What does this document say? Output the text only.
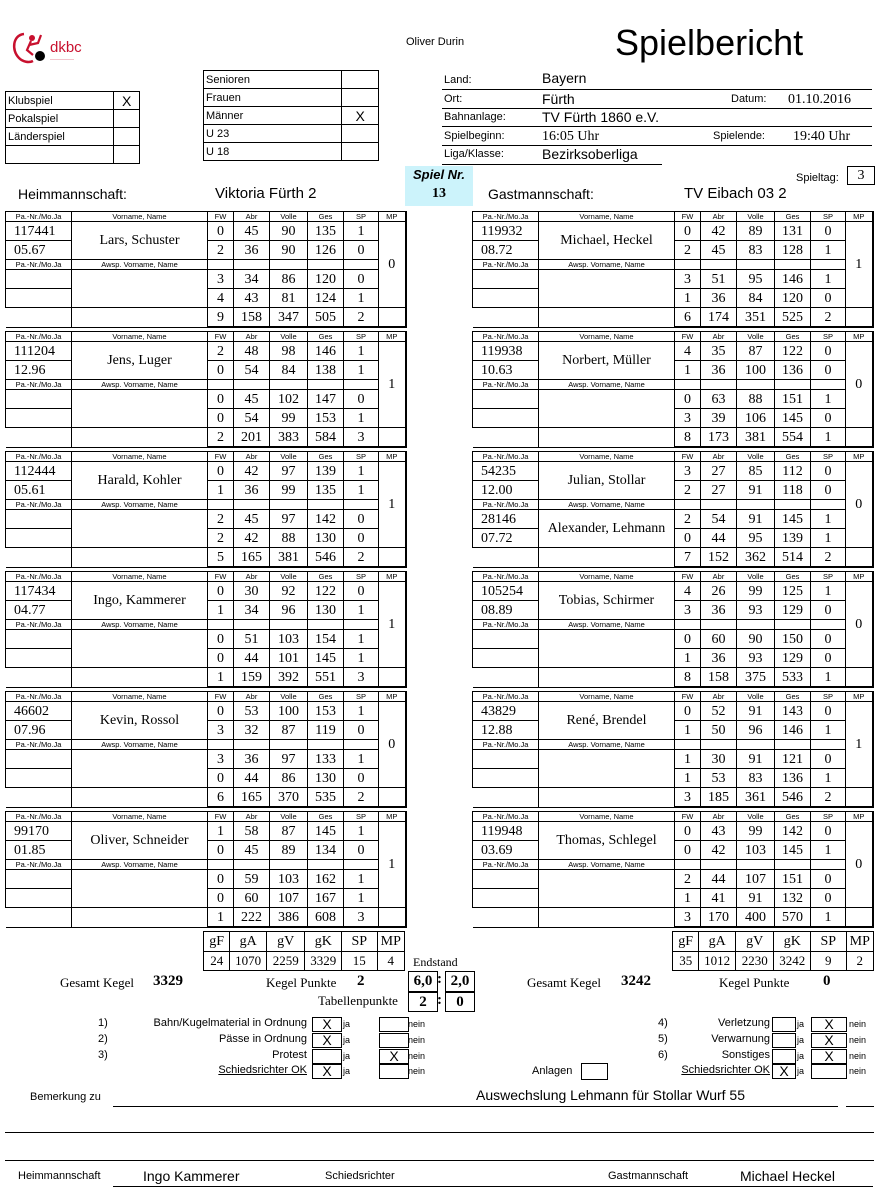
dkbc
——————
Oliver Durin	Spielbericht
Klubspiel	X
Pokalspiel	
Länderspiel	

Senioren	
Frauen	
Männer	X
U 23	
U 18	
Land:	Bayern
Ort:	Fürth	Datum: 01.10.2016
Bahnanlage:	TV Fürth 1860 e.V.
Spielbeginn:	16:05 Uhr	Spielende: 19:40 Uhr
Liga/Klasse:	Bezirksoberliga
Spieltag:	3
Spiel Nr.
13
Heimmannschaft:	Viktoria Fürth 2	Gastmannschaft:	TV Eibach 03 2
gF	gA	gV	gK	SP	MP
24	1070	2259	3329	15	4
gF	gA	gV	gK	SP	MP
35	1012	2230	3242	9	2
Endstand
6,0 : 2,0
Tabellenpunkte	2 : 0
Gesamt Kegel 3329	Kegel Punkte 2	Gesamt Kegel 3242	Kegel Punkte 0
1)	Bahn/Kugelmaterial in Ordnung	X	ja	nein
2)	Pässe in Ordnung	X	ja	nein
3)	Protest	ja	X	nein
Schiedsrichter OK	X	ja	nein
4)	Verletzung	ja	X	nein
5)	Verwarnung	ja	X	nein
6)	Sonstiges	ja	X	nein
Schiedsrichter OK X ja	nein
Anlagen
Bemerkung zu	Auswechslung Lehmann für Stollar Wurf 55
Heimmannschaft	Ingo Kammerer	Schiedsrichter	Gastmannschaft	Michael Heckel
Pa.-Nr./Mo.Ja	Vorname, Name	FW	Abr	Volle	Ges	SP	MP
117441	Lars, Schuster	0	45	90	135	1	0
05.67		2	36	90	126	0	
Pa.-Nr./Mo.Ja	Awsp. Vorname, Name						
		3	34	86	120	0	
		4	43	81	124	1	
		9	158	347	505	2	
Pa.-Nr./Mo.Ja	Vorname, Name	FW	Abr	Volle	Ges	SP	MP
119932	Michael, Heckel	0	42	89	131	0	1
08.72		2	45	83	128	1	
Pa.-Nr./Mo.Ja	Awsp. Vorname, Name						
		3	51	95	146	1	
		1	36	84	120	0	
		6	174	351	525	2	
Pa.-Nr./Mo.Ja	Vorname, Name	FW	Abr	Volle	Ges	SP	MP
111204	Jens, Luger	2	48	98	146	1	1
12.96		0	54	84	138	1	
Pa.-Nr./Mo.Ja	Awsp. Vorname, Name						
		0	45	102	147	0	
		0	54	99	153	1	
		2	201	383	584	3	
Pa.-Nr./Mo.Ja	Vorname, Name	FW	Abr	Volle	Ges	SP	MP
119938	Norbert, Müller	4	35	87	122	0	0
10.63		1	36	100	136	0	
Pa.-Nr./Mo.Ja	Awsp. Vorname, Name						
		0	63	88	151	1	
		3	39	106	145	0	
		8	173	381	554	1	
Pa.-Nr./Mo.Ja	Vorname, Name	FW	Abr	Volle	Ges	SP	MP
112444	Harald, Kohler	0	42	97	139	1	1
05.61		1	36	99	135	1	
Pa.-Nr./Mo.Ja	Awsp. Vorname, Name						
		2	45	97	142	0	
		2	42	88	130	0	
		5	165	381	546	2	
Pa.-Nr./Mo.Ja	Vorname, Name	FW	Abr	Volle	Ges	SP	MP
54235	Julian, Stollar	3	27	85	112	0	0
12.00		2	27	91	118	0	
Pa.-Nr./Mo.Ja	Awsp. Vorname, Name						
28146	Alexander, Lehmann	2	54	91	145	1	
07.72		0	44	95	139	1	
		7	152	362	514	2	
Pa.-Nr./Mo.Ja	Vorname, Name	FW	Abr	Volle	Ges	SP	MP
117434	Ingo, Kammerer	0	30	92	122	0	1
04.77		1	34	96	130	1	
Pa.-Nr./Mo.Ja	Awsp. Vorname, Name						
		0	51	103	154	1	
		0	44	101	145	1	
		1	159	392	551	3	
Pa.-Nr./Mo.Ja	Vorname, Name	FW	Abr	Volle	Ges	SP	MP
105254	Tobias, Schirmer	4	26	99	125	1	0
08.89		3	36	93	129	0	
Pa.-Nr./Mo.Ja	Awsp. Vorname, Name						
		0	60	90	150	0	
		1	36	93	129	0	
		8	158	375	533	1	
Pa.-Nr./Mo.Ja	Vorname, Name	FW	Abr	Volle	Ges	SP	MP
46602	Kevin, Rossol	0	53	100	153	1	0
07.96		3	32	87	119	0	
Pa.-Nr./Mo.Ja	Awsp. Vorname, Name						
		3	36	97	133	1	
		0	44	86	130	0	
		6	165	370	535	2	
Pa.-Nr./Mo.Ja	Vorname, Name	FW	Abr	Volle	Ges	SP	MP
43829	René, Brendel	0	52	91	143	0	1
12.88		1	50	96	146	1	
Pa.-Nr./Mo.Ja	Awsp. Vorname, Name						
		1	30	91	121	0	
		1	53	83	136	1	
		3	185	361	546	2	
Pa.-Nr./Mo.Ja	Vorname, Name	FW	Abr	Volle	Ges	SP	MP
99170	Oliver, Schneider	1	58	87	145	1	1
01.85		0	45	89	134	0	
Pa.-Nr./Mo.Ja	Awsp. Vorname, Name						
		0	59	103	162	1	
		0	60	107	167	1	
		1	222	386	608	3	
Pa.-Nr./Mo.Ja	Vorname, Name	FW	Abr	Volle	Ges	SP	MP
119948	Thomas, Schlegel	0	43	99	142	0	0
03.69		0	42	103	145	1	
Pa.-Nr./Mo.Ja	Awsp. Vorname, Name						
		2	44	107	151	0	
		1	41	91	132	0	
		3	170	400	570	1	
